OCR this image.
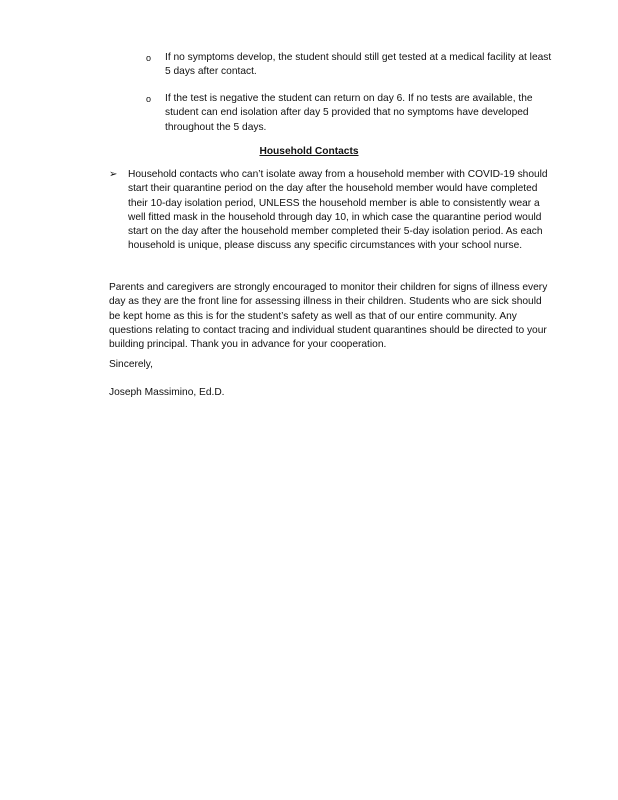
o If no symptoms develop, the student should still get tested at a medical facility at least 5 days after contact.
o If the test is negative the student can return on day 6. If no tests are available, the student can end isolation after day 5 provided that no symptoms have developed throughout the 5 days.
Household Contacts
➢ Household contacts who can’t isolate away from a household member with COVID-19 should start their quarantine period on the day after the household member would have completed their 10-day isolation period, UNLESS the household member is able to consistently wear a well fitted mask in the household through day 10, in which case the quarantine period would start on the day after the household member completed their 5-day isolation period. As each household is unique, please discuss any specific circumstances with your school nurse.
Parents and caregivers are strongly encouraged to monitor their children for signs of illness every day as they are the front line for assessing illness in their children. Students who are sick should be kept home as this is for the student’s safety as well as that of our entire community. Any questions relating to contact tracing and individual student quarantines should be directed to your building principal. Thank you in advance for your cooperation.
Sincerely,
Joseph Massimino, Ed.D.
